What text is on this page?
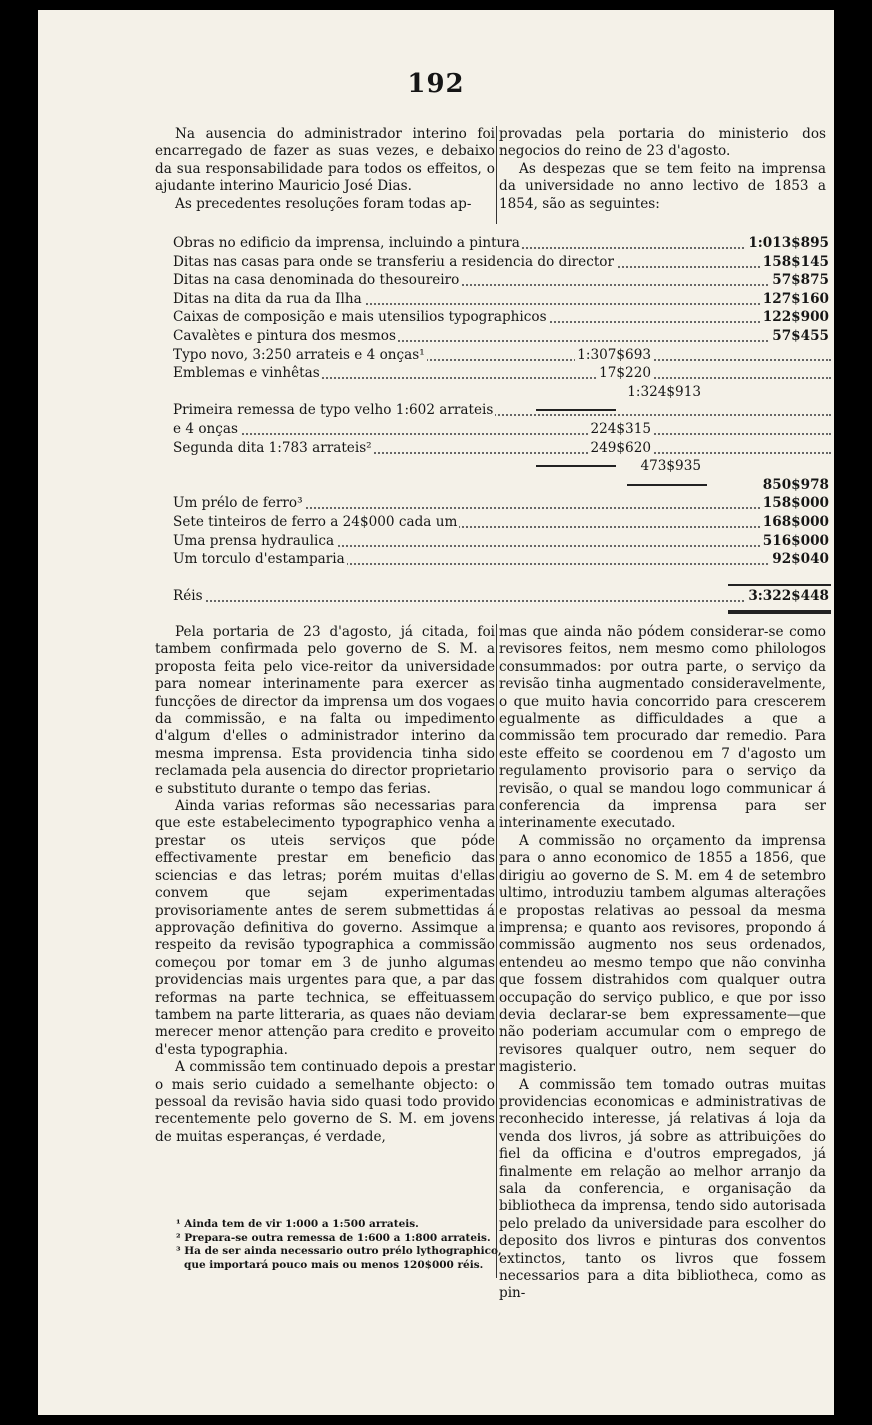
192

Na ausencia do administrador interino foi encarregado de fazer as suas vezes, e debaixo da sua responsabilidade para todos os effeitos, o ajudante interino Mauricio José Dias.

As precedentes resoluções foram todas ap-

provadas pela portaria do ministerio dos negocios do reino de 23 d'agosto.

As despezas que se tem feito na imprensa da universidade no anno lectivo de 1853 a 1854, são as seguintes:

Obras no edificio da imprensa, incluindo a pintura	1:013$895
Ditas nas casas para onde se transferiu a residencia do director	158$145
Ditas na casa denominada do thesoureiro	57$875
Ditas na dita da rua da Ilha	127$160
Caixas de composição e mais utensilios typographicos	122$900
Cavalètes e pintura dos mesmos	57$455
Typo novo, 3:250 arrateis e 4 onças¹	1:307$693
Emblemas e vinhêtas	17$220
1:324$913
Primeira remessa de typo velho 1:602 arrateis
e 4 onças	224$315
Segunda dita 1:783 arrateis²	249$620
473$935
850$978
Um prélo de ferro³	158$000
Sete tinteiros de ferro a 24$000 cada um	168$000
Uma prensa hydraulica	516$000
Um torculo d'estamparia	92$040
Réis	3:322$448

Pela portaria de 23 d'agosto, já citada, foi tambem confirmada pelo governo de S. M. a proposta feita pelo vice-reitor da universidade para nomear interinamente para exercer as funcções de director da imprensa um dos vogaes da commissão, e na falta ou impedimento d'algum d'elles o administrador interino da mesma imprensa. Esta providencia tinha sido reclamada pela ausencia do director proprietario e substituto durante o tempo das ferias.

Ainda varias reformas são necessarias para que este estabelecimento typographico venha a prestar os uteis serviços que póde effectivamente prestar em beneficio das sciencias e das letras; porém muitas d'ellas convem que sejam experimentadas provisoriamente antes de serem submettidas á approvação definitiva do governo. Assimque a respeito da revisão typographica a commissão começou por tomar em 3 de junho algumas providencias mais urgentes para que, a par das reformas na parte technica, se effeituassem tambem na parte litteraria, as quaes não deviam merecer menor attenção para credito e proveito d'esta typographia.

A commissão tem continuado depois a prestar o mais serio cuidado a semelhante objecto: o pessoal da revisão havia sido quasi todo provido recentemente pelo governo de S. M. em jovens de muitas esperanças, é verdade,

mas que ainda não pódem considerar-se como revisores feitos, nem mesmo como philologos consummados: por outra parte, o serviço da revisão tinha augmentado consideravelmente, o que muito havia concorrido para crescerem egualmente as difficuldades a que a commissão tem procurado dar remedio. Para este effeito se coordenou em 7 d'agosto um regulamento provisorio para o serviço da revisão, o qual se mandou logo communicar á conferencia da imprensa para ser interinamente executado.

A commissão no orçamento da imprensa para o anno economico de 1855 a 1856, que dirigiu ao governo de S. M. em 4 de setembro ultimo, introduziu tambem algumas alterações e propostas relativas ao pessoal da mesma imprensa; e quanto aos revisores, propondo á commissão augmento nos seus ordenados, entendeu ao mesmo tempo que não convinha que fossem distrahidos com qualquer outra occupação do serviço publico, e que por isso devia declarar-se bem expressamente—que não poderiam accumular com o emprego de revisores qualquer outro, nem sequer do magisterio.

A commissão tem tomado outras muitas providencias economicas e administrativas de reconhecido interesse, já relativas á loja da venda dos livros, já sobre as attribuições do fiel da officina e d'outros empregados, já finalmente em relação ao melhor arranjo da sala da conferencia, e organisação da bibliotheca da imprensa, tendo sido autorisada pelo prelado da universidade para escolher do deposito dos livros e pinturas dos conventos extinctos, tanto os livros que fossem necessarios para a dita bibliotheca, como as pin-

¹ Ainda tem de vir 1:000 a 1:500 arrateis.

² Prepara-se outra remessa de 1:600 a 1:800 arrateis.

³ Ha de ser ainda necessario outro prélo lythographico, que importará pouco mais ou menos 120$000 réis.
